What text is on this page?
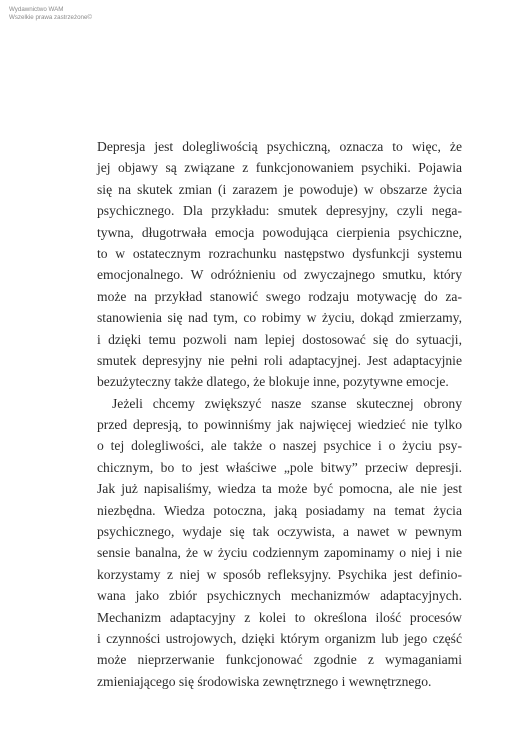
Wydawnictwo WAM
Wszelkie prawa zastrzeżone©
Depresja jest dolegliwością psychiczną, oznacza to więc, że
jej objawy są związane z funkcjonowaniem psychiki. Pojawia
się na skutek zmian (i zarazem je powoduje) w obszarze życia
psychicznego. Dla przykładu: smutek depresyjny, czyli nega-
tywna, długotrwała emocja powodująca cierpienia psychiczne,
to w ostatecznym rozrachunku następstwo dysfunkcji systemu
emocjonalnego. W odróżnieniu od zwyczajnego smutku, który
może na przykład stanowić swego rodzaju motywację do za-
stanowienia się nad tym, co robimy w życiu, dokąd zmierzamy,
i dzięki temu pozwoli nam lepiej dostosować się do sytuacji,
smutek depresyjny nie pełni roli adaptacyjnej. Jest adaptacyjnie
bezużyteczny także dlatego, że blokuje inne, pozytywne emocje.
Jeżeli chcemy zwiększyć nasze szanse skutecznej obrony
przed depresją, to powinniśmy jak najwięcej wiedzieć nie tylko
o tej dolegliwości, ale także o naszej psychice i o życiu psy-
chicznym, bo to jest właściwe „pole bitwy” przeciw depresji.
Jak już napisaliśmy, wiedza ta może być pomocna, ale nie jest
niezbędna. Wiedza potoczna, jaką posiadamy na temat życia
psychicznego, wydaje się tak oczywista, a nawet w pewnym
sensie banalna, że w życiu codziennym zapominamy o niej i nie
korzystamy z niej w sposób refleksyjny. Psychika jest definio-
wana jako zbiór psychicznych mechanizmów adaptacyjnych.
Mechanizm adaptacyjny z kolei to określona ilość procesów
i czynności ustrojowych, dzięki którym organizm lub jego część
może nieprzerwanie funkcjonować zgodnie z wymaganiami
zmieniającego się środowiska zewnętrznego i wewnętrznego.
